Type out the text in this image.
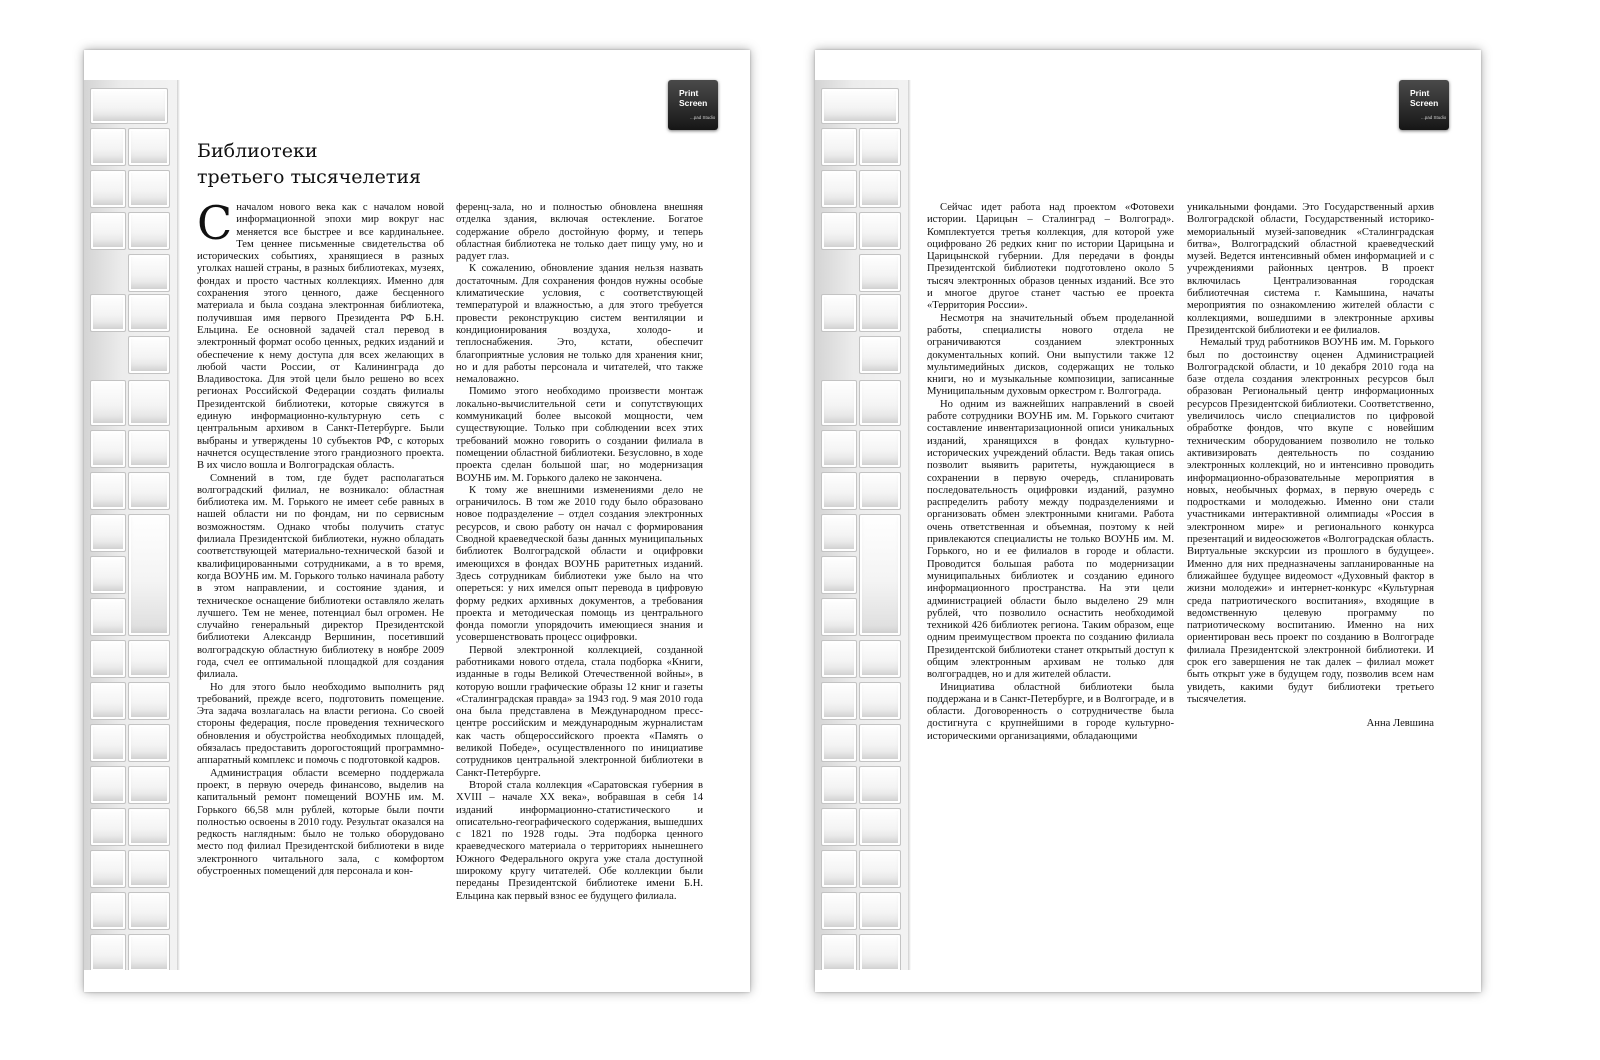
Print
Screen
...pad Studio
Библиотеки
третьего тысячелетия

Сначалом нового века как с началом новой информационной эпохи мир вокруг нас меняется все быстрее и все кардинальнее. Тем ценнее письменные свидетельства об исторических событиях, хранящиеся в разных уголках нашей страны, в разных библиотеках, музеях, фондах и просто частных коллекциях. Именно для сохранения этого ценного, даже бесценного материала и была создана электронная библиотека, получившая имя первого Президента РФ Б.Н. Ельцина. Ее основной задачей стал перевод в электронный формат особо ценных, редких изданий и обеспечение к нему доступа для всех желающих в любой части России, от Калининграда до Владивостока. Для этой цели было решено во всех регионах Российской Федерации создать филиалы Президентской библиотеки, которые свяжутся в единую информационно-культурную сеть с центральным архивом в Санкт-Петербурге. Были выбраны и утверждены 10 субъектов РФ, с которых начнется осуществление этого грандиозного проекта. В их число вошла и Волгоградская область.

Сомнений в том, где будет располагаться волгоградский филиал, не возникало: областная библиотека им. М. Горького не имеет себе равных в нашей области ни по фондам, ни по сервисным возможностям. Однако чтобы получить статус филиала Президентской библиотеки, нужно обладать соответствующей материально-технической базой и квалифицированными сотрудниками, а в то время, когда ВОУНБ им. М. Горького только начинала работу в этом направлении, и состояние здания, и техническое оснащение библиотеки оставляло желать лучшего. Тем не менее, потенциал был огромен. Не случайно генеральный директор Президентской библиотеки Александр Вершинин, посетивший волгоградскую областную библиотеку в ноябре 2009 года, счел ее оптимальной площадкой для создания филиала.

Но для этого было необходимо выполнить ряд требований, прежде всего, подготовить помещение. Эта задача возлагалась на власти региона. Со своей стороны федерация, после проведения технического обновления и обустройства необходимых площадей, обязалась предоставить дорогостоящий программно-аппаратный комплекс и помочь с подготовкой кадров.

Администрация области всемерно поддержала проект, в первую очередь финансово, выделив на капитальный ремонт помещений ВОУНБ им. М. Горького 66,58 млн рублей, которые были почти полностью освоены в 2010 году. Результат оказался на редкость наглядным: было не только оборудовано место под филиал Президентской библиотеки в виде электронного читального зала, с комфортом обустроенных помещений для персонала и кон-

ференц-зала, но и полностью обновлена внешняя отделка здания, включая остекление. Богатое содержание обрело достойную форму, и теперь областная библиотека не только дает пищу уму, но и радует глаз.

К сожалению, обновление здания нельзя назвать достаточным. Для сохранения фондов нужны особые климатические условия, с соответствующей температурой и влажностью, а для этого требуется провести реконструкцию систем вентиляции и кондиционирования воздуха, холодо- и теплоснабжения. Это, кстати, обеспечит благоприятные условия не только для хранения книг, но и для работы персонала и читателей, что также немаловажно.

Помимо этого необходимо произвести монтаж локально-вычислительной сети и сопутствующих коммуникаций более высокой мощности, чем существующие. Только при соблюдении всех этих требований можно говорить о создании филиала в помещении областной библиотеки. Безусловно, в ходе проекта сделан большой шаг, но модернизация ВОУНБ им. М. Горького далеко не закончена.

К тому же внешними изменениями дело не ограничилось. В том же 2010 году было образовано новое подразделение – отдел создания электронных ресурсов, и свою работу он начал с формирования Сводной краеведческой базы данных муниципальных библиотек Волгоградской области и оцифровки имеющихся в фондах ВОУНБ раритетных изданий. Здесь сотрудникам библиотеки уже было на что опереться: у них имелся опыт перевода в цифровую форму редких архивных документов, а требования проекта и методическая помощь из центрального фонда помогли упорядочить имеющиеся знания и усовершенствовать процесс оцифровки.

Первой электронной коллекцией, созданной работниками нового отдела, стала подборка «Книги, изданные в годы Великой Отечественной войны», в которую вошли графические образы 12 книг и газеты «Сталинградская правда» за 1943 год. 9 мая 2010 года она была представлена в Международном пресс-центре российским и международным журналистам как часть общероссийского проекта «Память о великой Победе», осуществленного по инициативе сотрудников центральной электронной библиотеки в Санкт-Петербурге.

Второй стала коллекция «Саратовская губерния в XVIII – начале XX века», вобравшая в себя 14 изданий информационно-статистического и описательно-географического содержания, вышедших с 1821 по 1928 годы. Эта подборка ценного краеведческого материала о территориях нынешнего Южного Федерального округа уже стала доступной широкому кругу читателей. Обе коллекции были переданы Президентской библиотеке имени Б.Н. Ельцина как первый взнос ее будущего филиала.

Print
Screen
...pad Studio

Сейчас идет работа над проектом «Фотовехи истории. Царицын – Сталинград – Волгоград». Комплектуется третья коллекция, для которой уже оцифровано 26 редких книг по истории Царицына и Царицынской губернии. Для передачи в фонды Президентской библиотеки подготовлено около 5 тысяч электронных образов ценных изданий. Все это и многое другое станет частью ее проекта «Территория России».

Несмотря на значительный объем проделанной работы, специалисты нового отдела не ограничиваются созданием электронных документальных копий. Они выпустили также 12 мультимедийных дисков, содержащих не только книги, но и музыкальные композиции, записанные Муниципальным духовым оркестром г. Волгограда.

Но одним из важнейших направлений в своей работе сотрудники ВОУНБ им. М. Горького считают составление инвентаризационной описи уникальных изданий, хранящихся в фондах культурно-исторических учреждений области. Ведь такая опись позволит выявить раритеты, нуждающиеся в сохранении в первую очередь, спланировать последовательность оцифровки изданий, разумно распределить работу между подразделениями и организовать обмен электронными книгами. Работа очень ответственная и объемная, поэтому к ней привлекаются специалисты не только ВОУНБ им. М. Горького, но и ее филиалов в городе и области. Проводится большая работа по модернизации муниципальных библиотек и созданию единого информационного пространства. На эти цели администрацией области было выделено 29 млн рублей, что позволило оснастить необходимой техникой 426 библиотек региона. Таким образом, еще одним преимуществом проекта по созданию филиала Президентской библиотеки станет открытый доступ к общим электронным архивам не только для волгоградцев, но и для жителей области.

Инициатива областной библиотеки была поддержана и в Санкт-Петербурге, и в Волгограде, и в области. Договоренность о сотрудничестве была достигнута с крупнейшими в городе культурно-историческими организациями, обладающими

уникальными фондами. Это Государственный архив Волгоградской области, Государственный историко-мемориальный музей-заповедник «Сталинградская битва», Волгоградский областной краеведческий музей. Ведется интенсивный обмен информацией и с учреждениями районных центров. В проект включилась Централизованная городская библиотечная система г. Камышина, начаты мероприятия по ознакомлению жителей области с коллекциями, вошедшими в электронные архивы Президентской библиотеки и ее филиалов.

Немалый труд работников ВОУНБ им. М. Горького был по достоинству оценен Администрацией Волгоградской области, и 10 декабря 2010 года на базе отдела создания электронных ресурсов был образован Региональный центр информационных ресурсов Президентской библиотеки. Соответственно, увеличилось число специалистов по цифровой обработке фондов, что вкупе с новейшим техническим оборудованием позволило не только активизировать деятельность по созданию электронных коллекций, но и интенсивно проводить информационно-образовательные мероприятия в новых, необычных формах, в первую очередь с подростками и молодежью. Именно они стали участниками интерактивной олимпиады «Россия в электронном мире» и регионального конкурса презентаций и видеосюжетов «Волгоградская область. Виртуальные экскурсии из прошлого в будущее». Именно для них предназначены запланированные на ближайшее будущее видеомост «Духовный фактор в жизни молодежи» и интернет-конкурс «Культурная среда патриотического воспитания», входящие в ведомственную целевую программу по патриотическому воспитанию. Именно на них ориентирован весь проект по созданию в Волгограде филиала Президентской электронной библиотеки. И срок его завершения не так далек – филиал может быть открыт уже в будущем году, позволив всем нам увидеть, какими будут библиотеки третьего тысячелетия.

Анна Левшина
